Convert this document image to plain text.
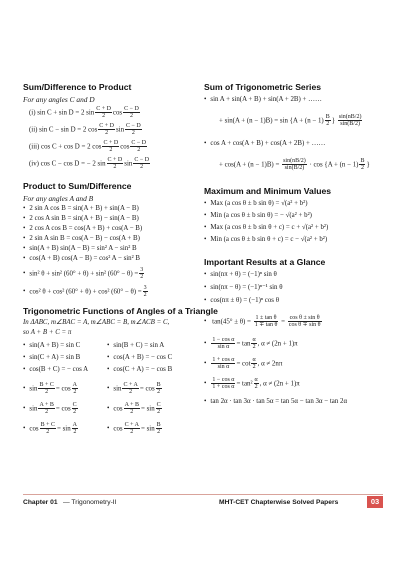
Sum/Difference to Product
For any angles C and D
(i) sin C + sin D = 2 $\sin \frac{C + D}{2}$ $\cos \frac{C - D}{2}$
(ii) sin C − sin D = 2 $\cos \frac{C + D}{2}$ $\sin \frac{C - D}{2}$
(iii) cos C + cos D = 2 $\cos \frac{C + D}{2}$ $\cos \frac{C - D}{2}$
(iv) cos C − cos D = − 2 $\sin \frac{C + D}{2}$ $\sin \frac{C - D}{2}$
Product to Sum/Difference
For any angles A and B
• 2 sin A cos B = sin(A + B) + sin(A − B)
• 2 cos A sin B = sin(A + B) − sin(A − B)
• 2 cos A cos B = cos(A + B) + cos(A − B)
• 2 sin A sin B = cos(A − B) − cos(A + B)
• sin(A + B) sin(A − B) = sin² A − sin² B
• cos(A + B) cos(A − B) = cos² A − sin² B
• sin² θ + sin² (60° + θ) + sin² $(60^\circ - \theta) = \frac{3}{2}$
• cos² θ + cos² (60° + θ) + cos² $(60^\circ - \theta) = \frac{3}{2}$
Trigonometric Functions of Angles of a Triangle
In ΔABC, m∠BAC = A, m∠ABC = B, m∠ACB = C,
so A + B + C = π
• sin(A + B) = sin C	• sin(B + C) = sin A
• sin(C + A) = sin B	• cos(A + B) = − cos C
• cos(B + C) = − cos A	• cos(C + A) = − cos B
• $\sin \frac{B + C}{2} = \cos \frac{A}{2}$	• $\sin \frac{C + A}{2} = \cos \frac{B}{2}$
• $\sin \frac{A + B}{2} = \cos \frac{C}{2}$	• $\cos \frac{A + B}{2} = \sin \frac{C}{2}$
• $\cos \frac{B + C}{2} = \sin \frac{A}{2}$	• $\cos \frac{C + A}{2} = \sin \frac{B}{2}$
Sum of Trigonometric Series
• sin A + sin(A + B) + sin(A + 2B) + ……
+ $\sin(A + (n - 1)B) = \sin \{A + (n - 1) \frac{B}{2}$ } $\frac{\sin(nB/2)}{\sin(B/2)}$
• cos A + cos(A + B) + cos(A + 2B) + ……
+ $\cos(A + (n - 1)B) = \frac{\sin(nB/2)}{\sin(B/2)} \cdot \cos \{A + (n - 1) \frac{B}{2}$ }
Maximum and Minimum Values
• Max (a cos θ ± b sin θ) = √(a² + b²)
• Min (a cos θ ± b sin θ) = − √(a² + b²)
• Max (a cos θ ± b sin θ + c) = c + √(a² + b²)
• Min (a cos θ ± b sin θ + c) = c − √(a² + b²)
Important Results at a Glance
• sin(nπ + θ) = (−1)ⁿ sin θ
• sin(nπ − θ) = (−1)ⁿ⁻¹ sin θ
• cos(nπ ± θ) = (−1)ⁿ cos θ
• $\tan(45^\circ \pm \theta) = \frac{\text{1 ± tan θ}}{\text{1 ∓ tan θ}} = \frac{\text{cos θ ± sin θ}}{\text{cos θ ∓ sin θ}}$
• $\frac{\text{1 − cos α}}{\text{sin α}} = \tan \frac{\alpha}{2}$ , α ≠ (2n + 1)π
• $\frac{\text{1 + cos α}}{\text{sin α}} = \cot \frac{\alpha}{2}$ , α ≠ 2nπ
• $\frac{\text{1 − cos α}}{\text{1 + cos α}} = \tan^2 \frac{\alpha}{2}$ , α ≠ (2n + 1)π
• tan 2α · tan 3α · tan 5α = tan 5α − tan 3α − tan 2α
Chapter 01 — Trigonometry-II	MHT-CET Chapterwise Solved Papers	03
